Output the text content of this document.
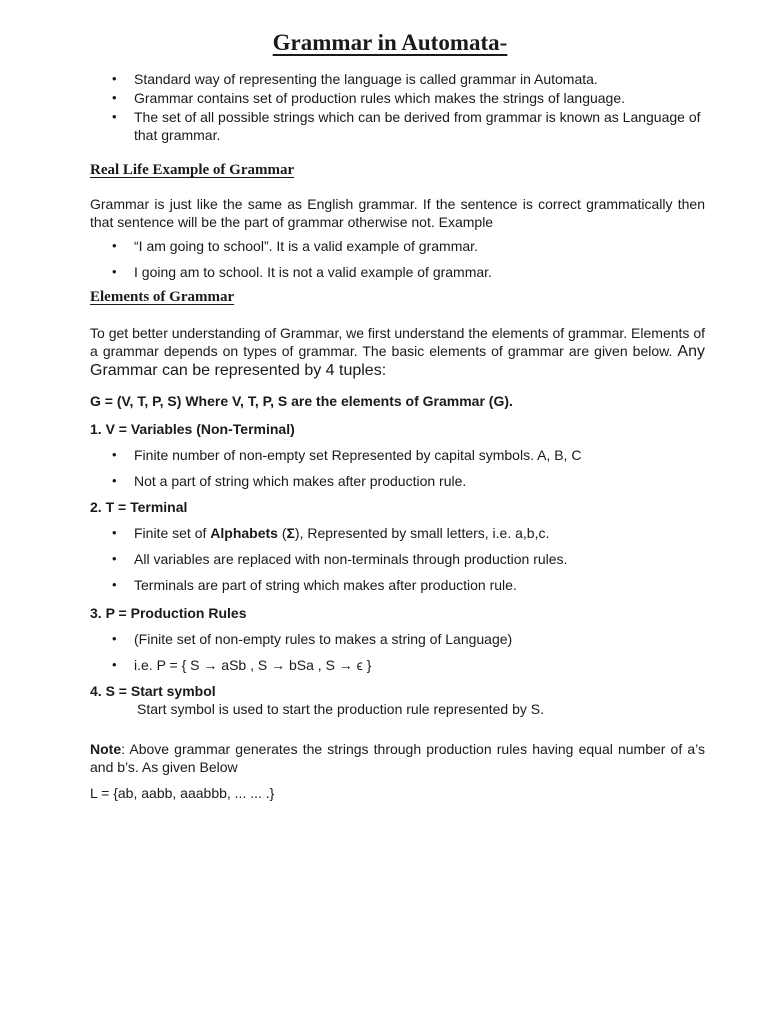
Grammar in Automata-
• Standard way of representing the language is called grammar in Automata.
• Grammar contains set of production rules which makes the strings of language.
• The set of all possible strings which can be derived from grammar is known as Language of that grammar.
Real Life Example of Grammar

Grammar is just like the same as English grammar. If the sentence is correct grammatically then that sentence will be the part of grammar otherwise not. Example

• “I am going to school”. It is a valid example of grammar.
• I going am to school. It is not a valid example of grammar.
Elements of Grammar

To get better understanding of Grammar, we first understand the elements of grammar. Elements of a grammar depends on types of grammar. The basic elements of grammar are given below. Any Grammar can be represented by 4 tuples:

G = (V, T, P, S) Where V, T, P, S are the elements of Grammar (G).

1. V = Variables (Non-Terminal)

• Finite number of non-empty set Represented by capital symbols. A, B, C
• Not a part of string which makes after production rule.

2. T = Terminal

• Finite set of Alphabets (Σ), Represented by small letters, i.e. a,b,c.
• All variables are replaced with non-terminals through production rules.
• Terminals are part of string which makes after production rule.

3. P = Production Rules

• (Finite set of non-empty rules to makes a string of Language)
• i.e. P = { S → aSb , S → bSa , S → ϵ }

4. S = Start symbol

Start symbol is used to start the production rule represented by S.

Note: Above grammar generates the strings through production rules having equal number of a’s and b’s. As given Below

L = {ab, aabb, aaabbb, ... ... .}
